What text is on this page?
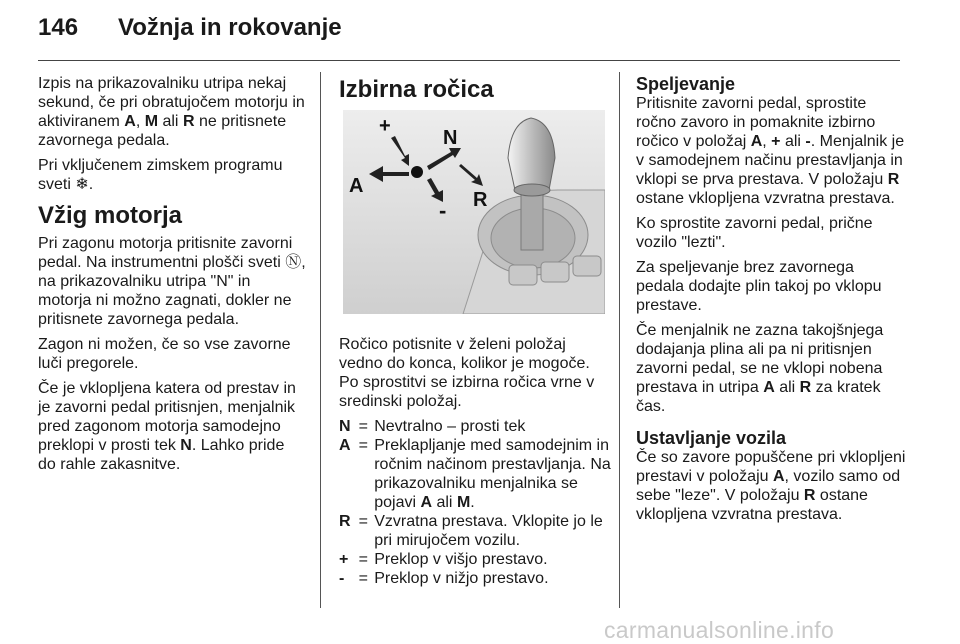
146 Vožnja in rokovanje

Izpis na prikazovalniku utripa nekaj sekund, če pri obratujočem motorju in aktiviranem A, M ali R ne pritisnete zavornega pedala.

Pri vključenem zimskem programu sveti ❄.

Vžig motorja

Pri zagonu motorja pritisnite zavorni pedal. Na instrumentni plošči sveti Ⓝ, na prikazovalniku utripa "N" in motorja ni možno zagnati, dokler ne pritisnete zavornega pedala.

Zagon ni možen, če so vse zavorne luči pregorele.

Če je vklopljena katera od prestav in je zavorni pedal pritisnjen, menjalnik pred zagonom motorja samodejno preklopi v prosti tek N. Lahko pride do rahle zakasnitve.

Izbirna ročica
+
-
N
A
R

Ročico potisnite v želeni položaj vedno do konca, kolikor je mogoče. Po sprostitvi se izbirna ročica vrne v sredinski položaj.

N = Nevtralno – prosti tek
A = Preklapljanje med samodejnim in ročnim načinom prestavljanja. Na prikazovalniku menjalnika se pojavi A ali M.
R = Vzvratna prestava. Vklopite jo le pri mirujočem vozilu.
+ = Preklop v višjo prestavo.
- = Preklop v nižjo prestavo.
Speljevanje

Pritisnite zavorni pedal, sprostite ročno zavoro in pomaknite izbirno ročico v položaj A, + ali -. Menjalnik je v samodejnem načinu prestavljanja in vklopi se prva prestava. V položaju R ostane vklopljena vzvratna prestava.

Ko sprostite zavorni pedal, prične vozilo "lezti".

Za speljevanje brez zavornega pedala dodajte plin takoj po vklopu prestave.

Če menjalnik ne zazna takojšnjega dodajanja plina ali pa ni pritisnjen zavorni pedal, se ne vklopi nobena prestava in utripa A ali R za kratek čas.

Ustavljanje vozila

Če so zavore popuščene pri vklopljeni prestavi v položaju A, vozilo samo od sebe "leze". V položaju R ostane vklopljena vzvratna prestava.

carmanualsonline.info
